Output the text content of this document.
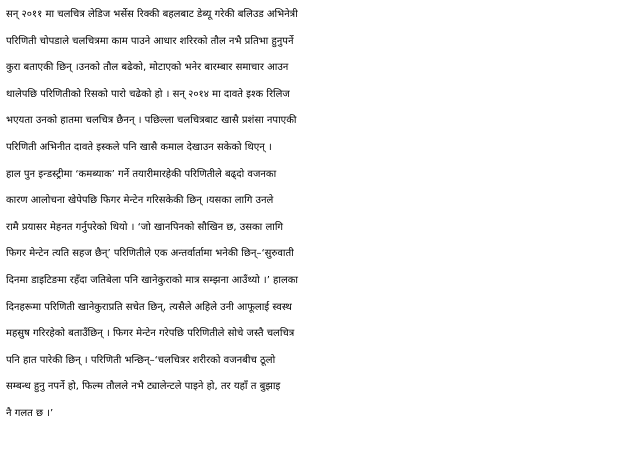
सन् २०११ मा चलचित्र लेडिज भर्सेस रिक्की बहलबाट डेब्यू गरेकी बलिउड अभिनेत्री
परिणिती चोपडाले चलचित्रमा काम पाउने आधार शरिरको तौल नभै प्रतिभा हुनुपर्ने
कुरा बताएकी छिन् ।उनको तौल बढेको, मोटाएको भनेर बारम्बार समाचार आउन
थालेपछि परिणितीको रिसको पारो चढेको हो । सन् २०१४ मा दावते इश्क रिलिज
भएयता उनको हातमा चलचित्र छैनन् । पछिल्ला चलचित्रबाट खासै प्रशंसा नपाएकी
परिणिती अभिनीत दावते इस्कले पनि खासै कमाल देखाउन सकेको थिएन् ।
हाल पुन इन्डस्ट्रीमा ‘कमब्याक’ गर्ने तयारीमारहेकी परिणितीले बढ्दो वजनका
कारण आलोचना खेपेपछि फिगर मेन्टेन गरिसकेकी छिन् ।यसका लागि उनले
रामै प्रयासर मेहनत गर्नुपरेको थियो । ‘जो खानपिनको सौखिन छ, उसका लागि
फिगर मेन्टेन त्यति सहज छैन्’ परिणितीले एक अन्तर्वार्तामा भनेकी छिन्–‘सुरुवाती
दिनमा डाइटिङमा रहँदा जतिबेला पनि खानेकुराको मात्र सम्झना आउँथ्यो ।’ हालका
दिनहरूमा परिणिती खानेकुराप्रति सचेत छिन्, त्यसैले अहिले उनी आफूलाई स्वस्थ
महसुष गरिरहेको बताउँछिन् । फिगर मेन्टेन गरेपछि परिणितीले सोचे जस्तै चलचित्र
पनि हात पारेकी छिन् । परिणिती भन्छिन्–‘चलचित्रर शरीरको वजनबीच ठूलो
सम्बन्ध हुनु नपर्ने हो, फिल्म तौलले नभै ट्यालेन्टले पाइने हो, तर यहाँ त बुझाइ
नै गलत छ ।’
